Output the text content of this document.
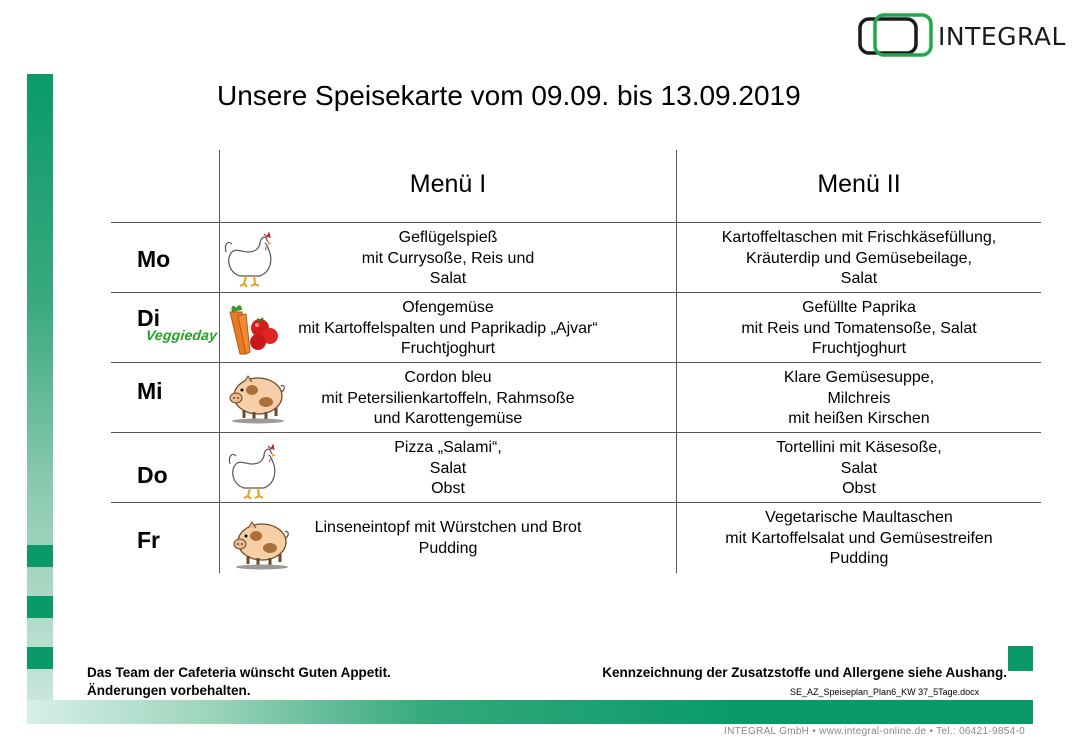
INTEGRAL
Unsere Speisekarte vom 09.09. bis 13.09.2019
Menü I	Menü II
Mo
Geflügelspieß
mit Currysoße, Reis und
Salat
Kartoffeltaschen mit Frischkäsefüllung,
Kräuterdip und Gemüsebeilage,
Salat
Di
Veggieday
Ofengemüse
mit Kartoffelspalten und Paprikadip „Ajvar“
Fruchtjoghurt
Gefüllte Paprika
mit Reis und Tomatensoße, Salat
Fruchtjoghurt
Mi
Cordon bleu
mit Petersilienkartoffeln, Rahmsoße
und Karottengemüse
Klare Gemüsesuppe,
Milchreis
mit heißen Kirschen
Do
Pizza „Salami“,
Salat
Obst
Tortellini mit Käsesoße,
Salat
Obst
Fr	Linseneintopf mit Würstchen und Brot
Pudding
Vegetarische Maultaschen
mit Kartoffelsalat und Gemüsestreifen
Pudding
Das Team der Cafeteria wünscht Guten Appetit.
Änderungen vorbehalten.
Kennzeichnung der Zusatzstoffe und Allergene siehe Aushang.
SE_AZ_Speiseplan_Plan6_KW 37_5Tage.docx
INTEGRAL GmbH • www.integral-online.de • Tel.: 06421-9854-0
